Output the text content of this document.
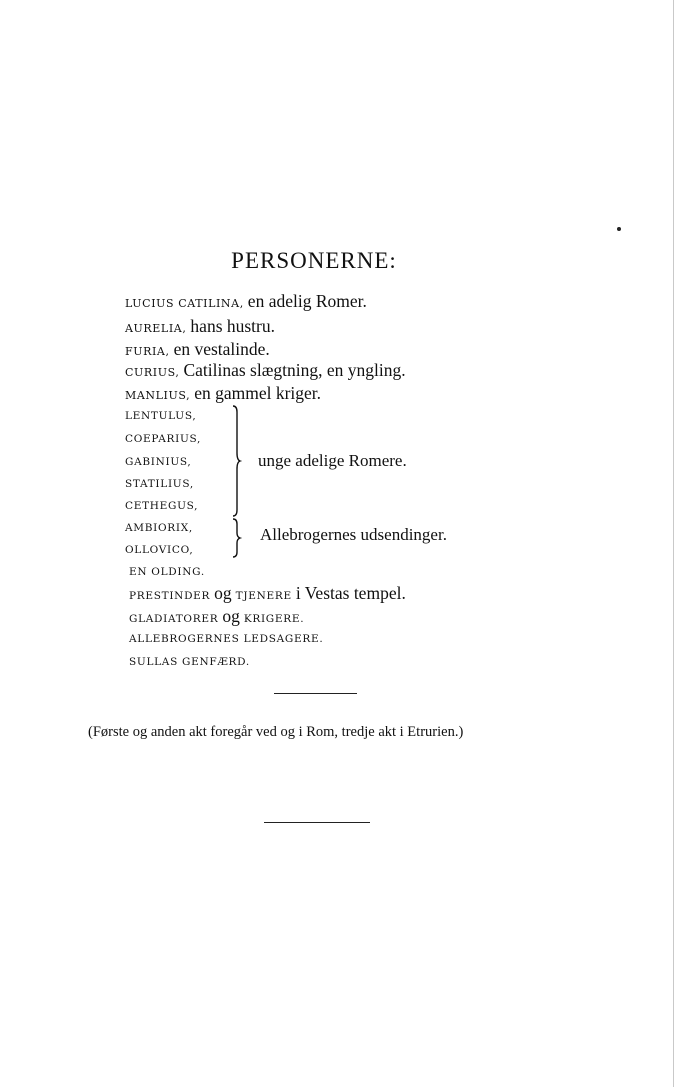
PERSONERNE:
LUCIUS CATILINA, en adelig Romer.
AURELIA, hans hustru.
FURIA, en vestalinde.
CURIUS, Catilinas slægtning, en yngling.
MANLIUS, en gammel kriger.
LENTULUS,
COEPARIUS,
GABINIUS,
STATILIUS,
CETHEGUS,
unge adelige Romere.
AMBIORIX,
OLLOVICO,
Allebrogernes udsendinger.
EN OLDING.
PRESTINDER og TJENERE i Vestas tempel.
GLADIATORER og KRIGERE.
ALLEBROGERNES LEDSAGERE.
SULLAS GENFÆRD.
(Første og anden akt foregår ved og i Rom, tredje akt i Etrurien.)
